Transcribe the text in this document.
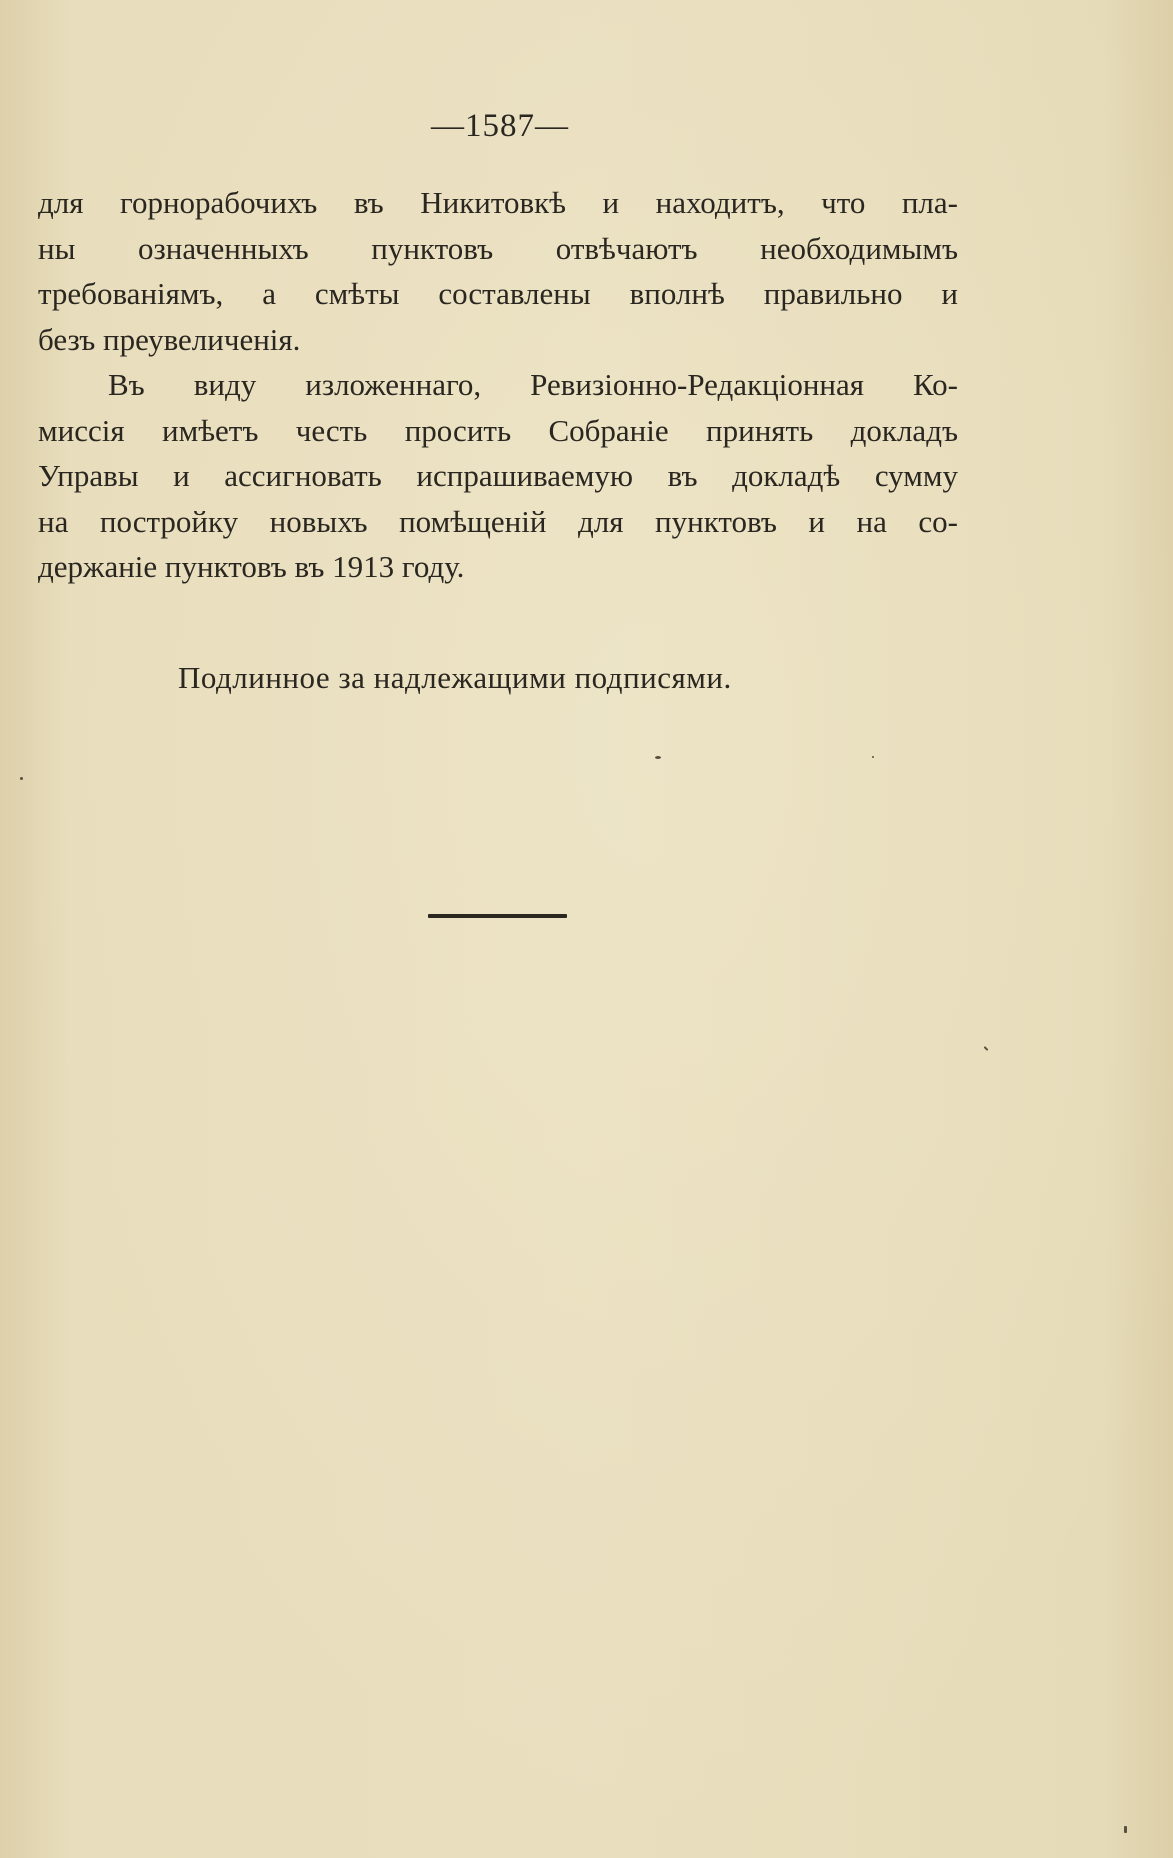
—1587—
для горнорабочихъ въ Никитовкѣ и находитъ, что пла-
ны означенныхъ пунктовъ отвѣчаютъ необходимымъ
требованіямъ, а смѣты составлены вполнѣ правильно и
безъ преувеличенія.
Въ виду изложеннаго, Ревизіонно-Редакціонная Ко-
миссія имѣетъ честь просить Собраніе принять докладъ
Управы и ассигновать испрашиваемую въ докладѣ сумму
на постройку новыхъ помѣщеній для пунктовъ и на со-
держаніе пунктовъ въ 1913 году.
Подлинное за надлежащими подписями.
